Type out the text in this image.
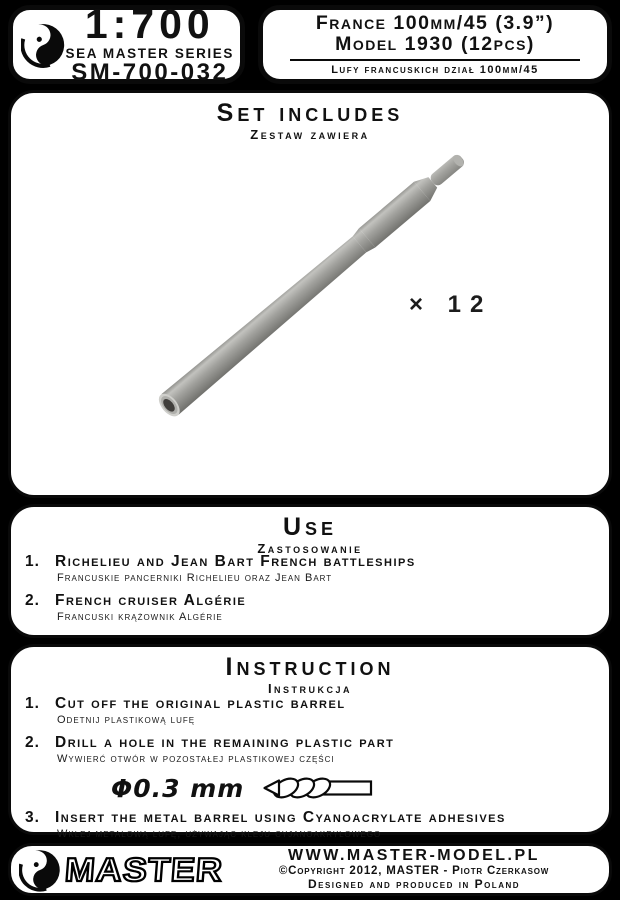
1:700
SEA MASTER SERIES
SM-700-032
France 100mm/45 (3.9”)
Model 1930 (12pcs)
Lufy francuskich dział 100mm/45
Set includes
Zestaw zawiera
× 12
Use
Zastosowanie
1. Richelieu and Jean Bart French battleships
Francuskie pancerniki Richelieu oraz Jean Bart
2. French cruiser Algérie
Francuski krążownik Algérie
Instruction
Instrukcja
1. Cut off the original plastic barrel
Odetnij plastikową lufę
2. Drill a hole in the remaining plastic part
Wywierć otwór w pozostałej plastikowej części
Φ0.3 mm
3. Insert the metal barrel using Cyanoacrylate adhesives
Wklej metalową lufę, używając kleju cyjanoakrylowego
MASTER	WWW.MASTER-MODEL.PL
©Copyright 2012, MASTER - Piotr Czerkasow
Designed and produced in Poland
